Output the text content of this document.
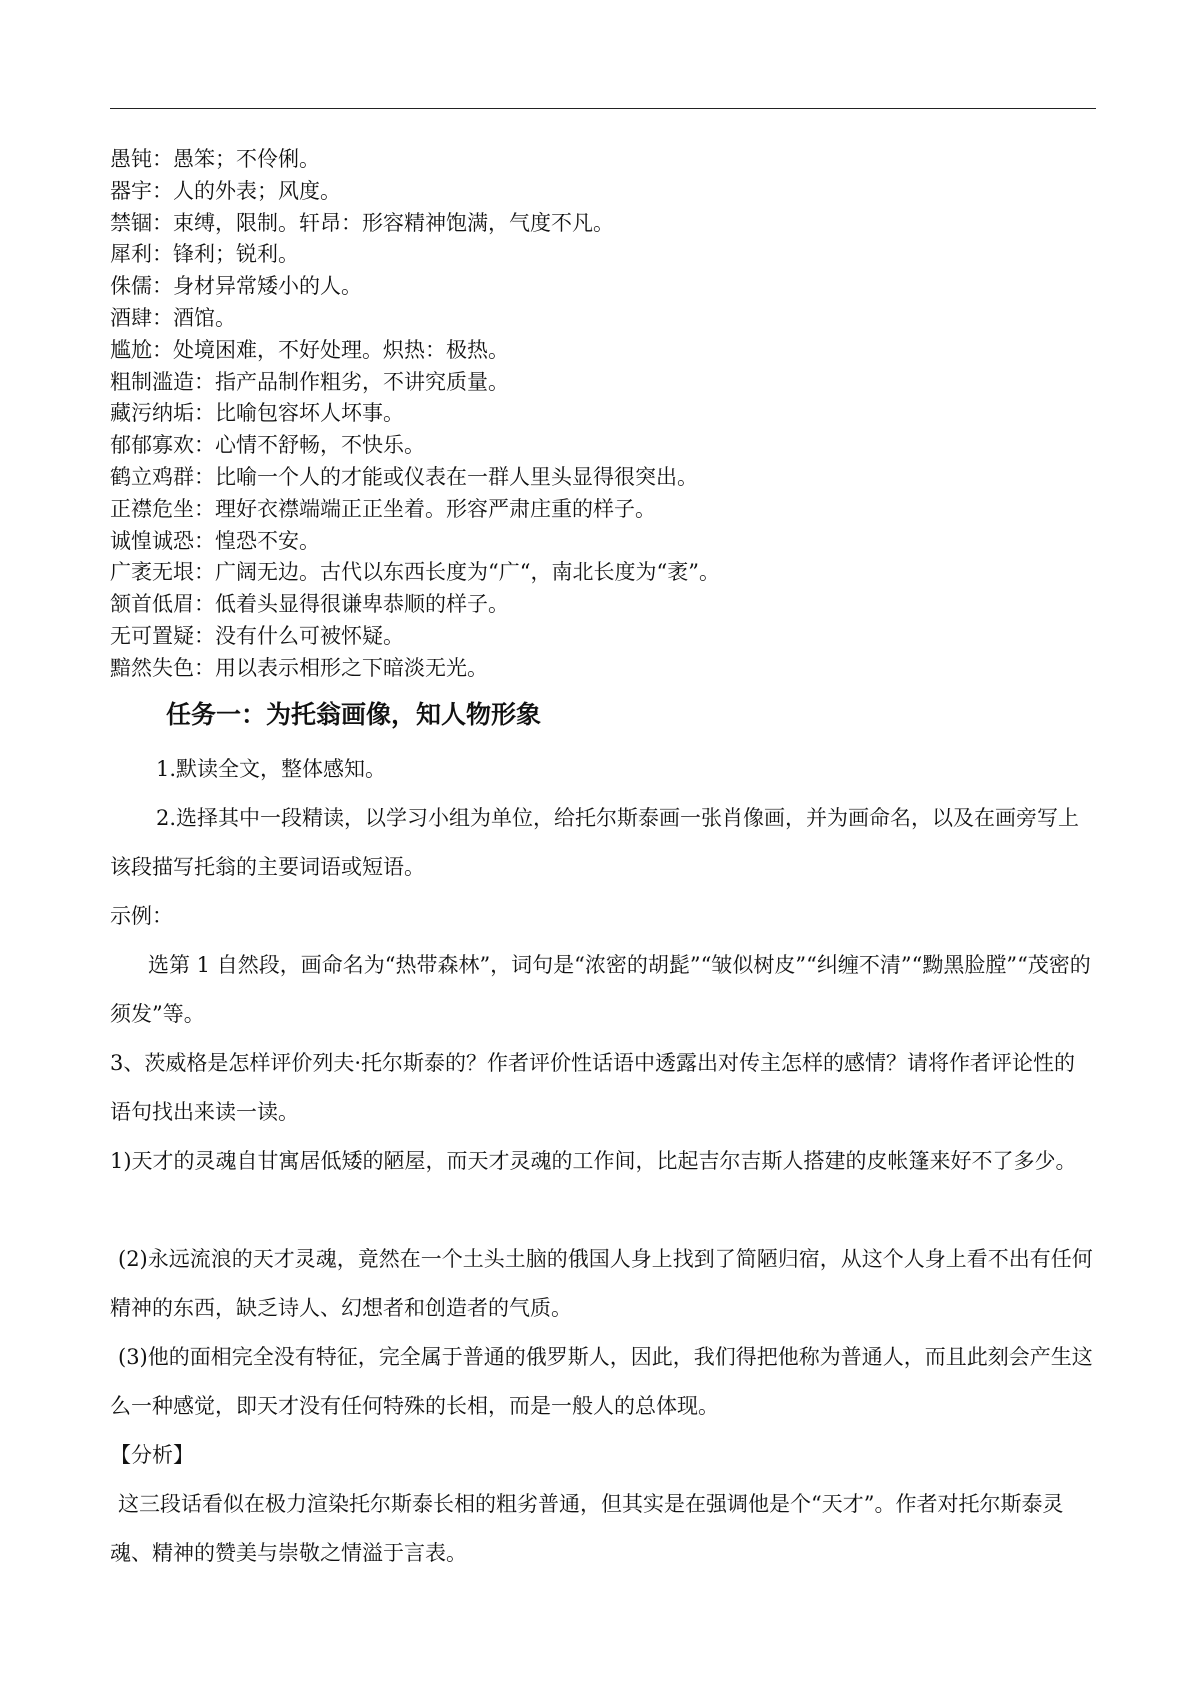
愚钝：愚笨；不伶俐。
器宇：人的外表；风度。
禁锢：束缚，限制。轩昂：形容精神饱满，气度不凡。
犀利：锋利；锐利。
侏儒：身材异常矮小的人。
酒肆：酒馆。
尴尬：处境困难，不好处理。炽热：极热。
粗制滥造：指产品制作粗劣，不讲究质量。
藏污纳垢：比喻包容坏人坏事。
郁郁寡欢：心情不舒畅，不快乐。
鹤立鸡群：比喻一个人的才能或仪表在一群人里头显得很突出。
正襟危坐：理好衣襟端端正正坐着。形容严肃庄重的样子。
诚惶诚恐：惶恐不安。
广袤无垠：广阔无边。古代以东西长度为“广“，南北长度为“袤”。
颔首低眉：低着头显得很谦卑恭顺的样子。
无可置疑：没有什么可被怀疑。
黯然失色：用以表示相形之下暗淡无光。
任务一：为托翁画像，知人物形象
1.默读全文，整体感知。
2.选择其中一段精读，以学习小组为单位，给托尔斯泰画一张肖像画，并为画命名，以及在画旁写上该段描写托翁的主要词语或短语。
示例：
选第 1 自然段，画命名为“热带森林”，词句是“浓密的胡髭”“皱似树皮”“纠缠不清”“黝黑脸膛”“茂密的须发”等。
3、茨威格是怎样评价列夫·托尔斯泰的？作者评价性话语中透露出对传主怎样的感情？请将作者评论性的语句找出来读一读。
1)天才的灵魂自甘寓居低矮的陋屋，而天才灵魂的工作间，比起吉尔吉斯人搭建的皮帐篷来好不了多少。
(2)永远流浪的天才灵魂，竟然在一个土头土脑的俄国人身上找到了简陋归宿，从这个人身上看不出有任何精神的东西，缺乏诗人、幻想者和创造者的气质。
(3)他的面相完全没有特征，完全属于普通的俄罗斯人，因此，我们得把他称为普通人，而且此刻会产生这么一种感觉，即天才没有任何特殊的长相，而是一般人的总体现。
【分析】
这三段话看似在极力渲染托尔斯泰长相的粗劣普通，但其实是在强调他是个“天才”。作者对托尔斯泰灵魂、精神的赞美与崇敬之情溢于言表。
